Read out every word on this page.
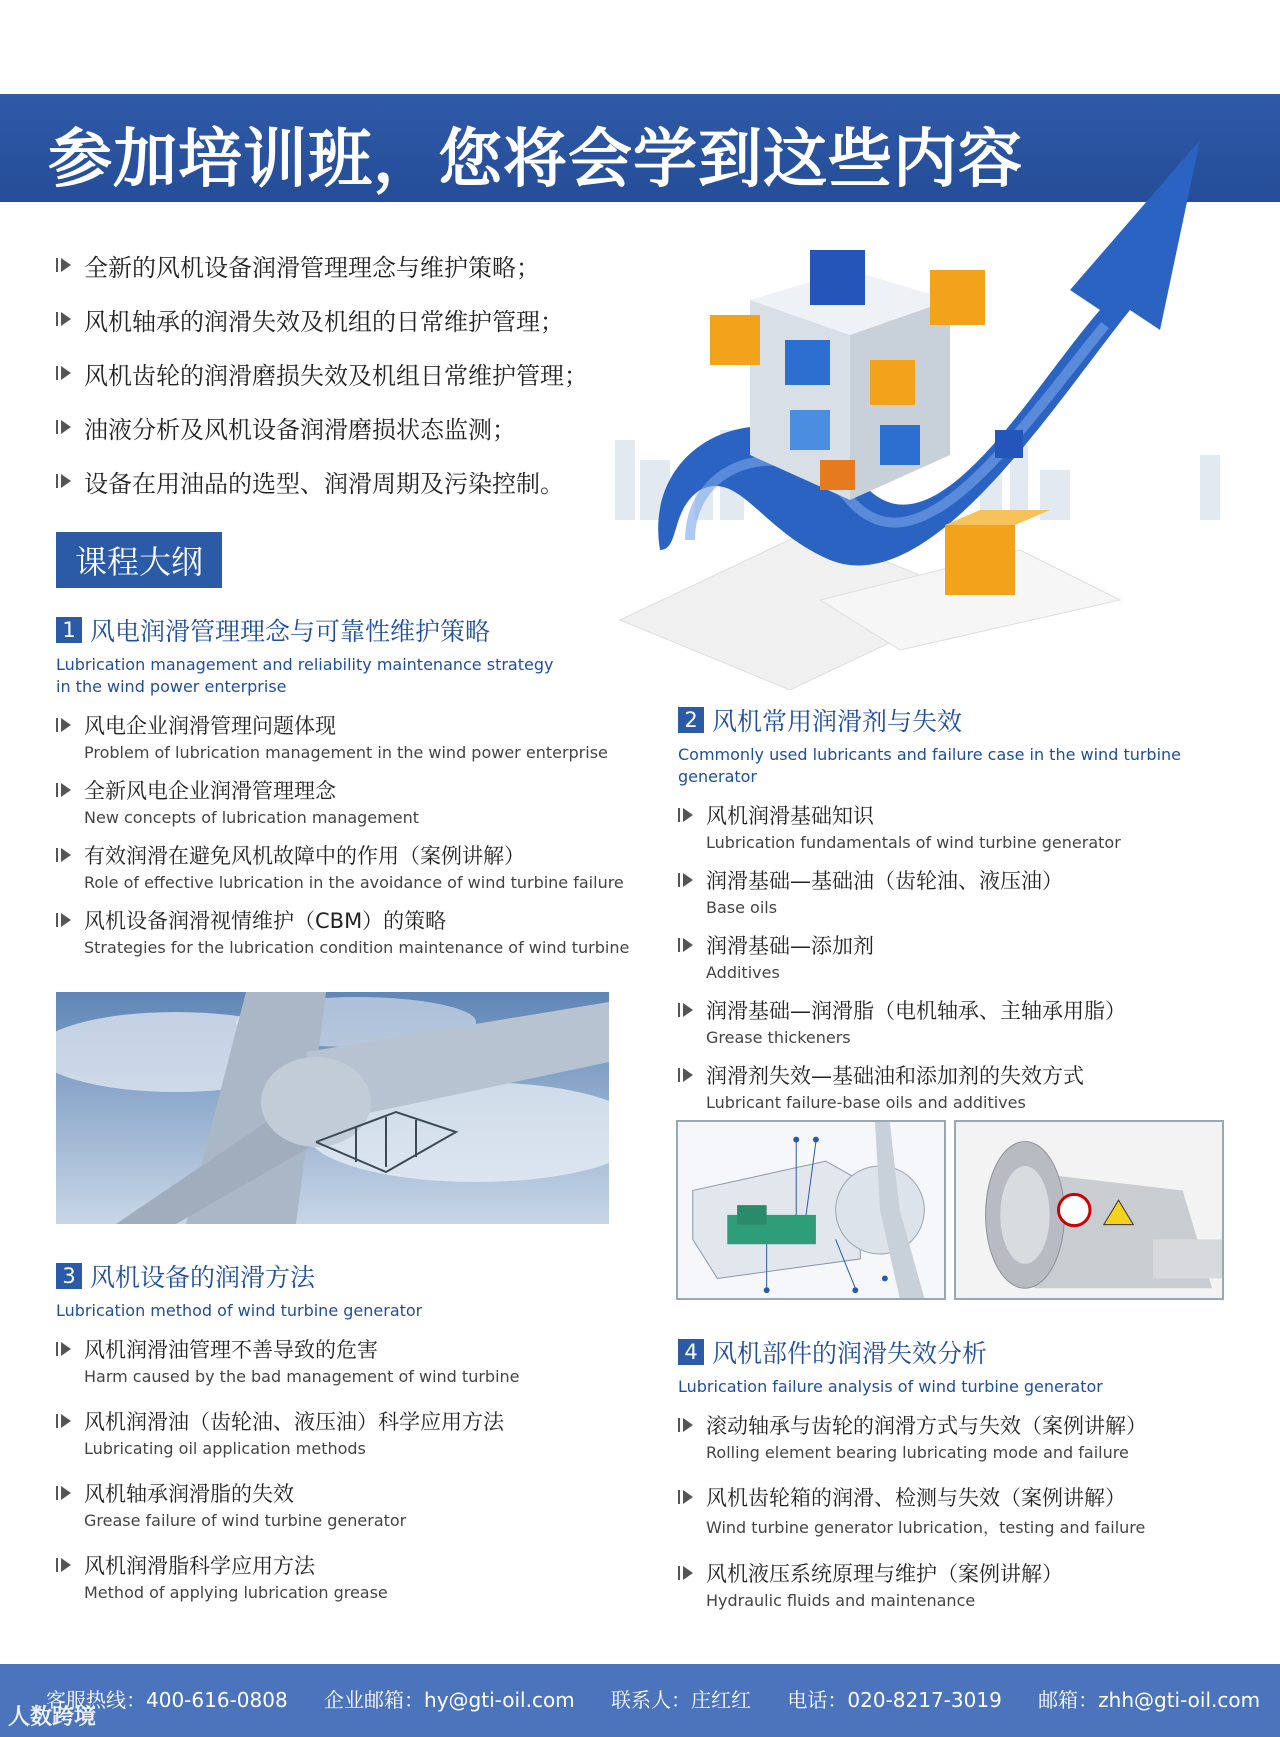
参加培训班，您将会学到这些内容
全新的风机设备润滑管理理念与维护策略；
风机轴承的润滑失效及机组的日常维护管理；
风机齿轮的润滑磨损失效及机组日常维护管理；
油液分析及风机设备润滑磨损状态监测；
设备在用油品的选型、润滑周期及污染控制。
课程大纲
1 风电润滑管理理念与可靠性维护策略
Lubrication management and reliability maintenance strategy
in the wind power enterprise
风电企业润滑管理问题体现
Problem of lubrication management in the wind power enterprise
全新风电企业润滑管理理念
New concepts of lubrication management
有效润滑在避免风机故障中的作用（案例讲解）
Role of effective lubrication in the avoidance of wind turbine failure
风机设备润滑视情维护（CBM）的策略
Strategies for the lubrication condition maintenance of wind turbine
2 风机常用润滑剂与失效
Commonly used lubricants and failure case in the wind turbine generator
风机润滑基础知识
Lubrication fundamentals of wind turbine generator
润滑基础—基础油（齿轮油、液压油）
Base oils
润滑基础—添加剂
Additives
润滑基础—润滑脂（电机轴承、主轴承用脂）
Grease thickeners
润滑剂失效—基础油和添加剂的失效方式
Lubricant failure-base oils and additives
3 风机设备的润滑方法
Lubrication method of wind turbine generator
风机润滑油管理不善导致的危害
Harm caused by the bad management of wind turbine
风机润滑油（齿轮油、液压油）科学应用方法
Lubricating oil application methods
风机轴承润滑脂的失效
Grease failure of wind turbine generator
风机润滑脂科学应用方法
Method of applying lubrication grease
4 风机部件的润滑失效分析
Lubrication failure analysis of wind turbine generator
滚动轴承与齿轮的润滑方式与失效（案例讲解）
Rolling element bearing lubricating mode and failure
风机齿轮箱的润滑、检测与失效（案例讲解）
Wind turbine generator lubrication，testing and failure
风机液压系统原理与维护（案例讲解）
Hydraulic fluids and maintenance
客服热线：400-616-0808 企业邮箱：hy@gti-oil.com 联系人：庄红红 电话：020-8217-3019 邮箱：zhh@gti-oil.com
人数跨境
